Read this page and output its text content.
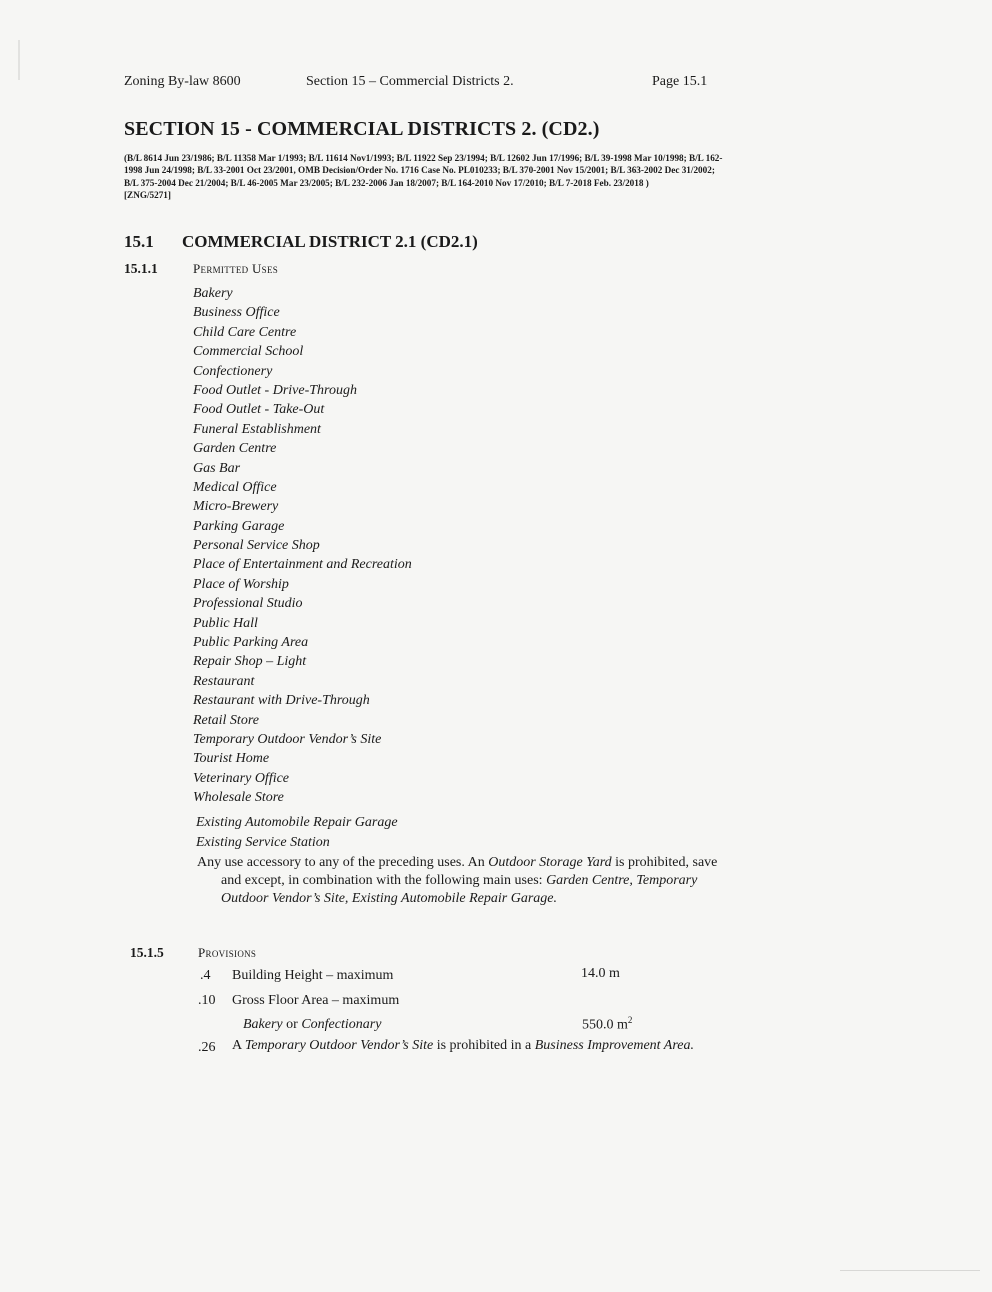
Zoning By-law 8600	Section 15 – Commercial Districts 2.	Page 15.1
SECTION 15 - COMMERCIAL DISTRICTS 2. (CD2.)
(B/L 8614 Jun 23/1986; B/L 11358 Mar 1/1993; B/L 11614 Nov1/1993; B/L 11922 Sep 23/1994; B/L 12602 Jun 17/1996; B/L 39-1998 Mar 10/1998; B/L 162-1998 Jun 24/1998; B/L 33-2001 Oct 23/2001, OMB Decision/Order No. 1716 Case No. PL010233; B/L 370-2001 Nov 15/2001; B/L 363-2002 Dec 31/2002; B/L 375-2004 Dec 21/2004; B/L 46-2005 Mar 23/2005; B/L 232-2006 Jan 18/2007; B/L 164-2010 Nov 17/2010; B/L 7-2018 Feb. 23/2018 )
[ZNG/5271]
15.1 COMMERCIAL DISTRICT 2.1 (CD2.1)
15.1.1	Permitted Uses
Bakery
Business Office
Child Care Centre
Commercial School
Confectionery
Food Outlet - Drive-Through
Food Outlet - Take-Out
Funeral Establishment
Garden Centre
Gas Bar
Medical Office
Micro-Brewery
Parking Garage
Personal Service Shop
Place of Entertainment and Recreation
Place of Worship
Professional Studio
Public Hall
Public Parking Area
Repair Shop – Light
Restaurant
Restaurant with Drive-Through
Retail Store
Temporary Outdoor Vendor’s Site
Tourist Home
Veterinary Office
Wholesale Store
Existing Automobile Repair Garage
Existing Service Station
Any use accessory to any of the preceding uses. An Outdoor Storage Yard is prohibited, save and except, in combination with the following main uses: Garden Centre, Temporary Outdoor Vendor’s Site, Existing Automobile Repair Garage.
15.1.5	Provisions
.4 Building Height – maximum	14.0 m
.10 Gross Floor Area – maximum
Bakery or Confectionary	550.0 $m^2$
.26 A Temporary Outdoor Vendor’s Site is prohibited in a Business Improvement Area.
